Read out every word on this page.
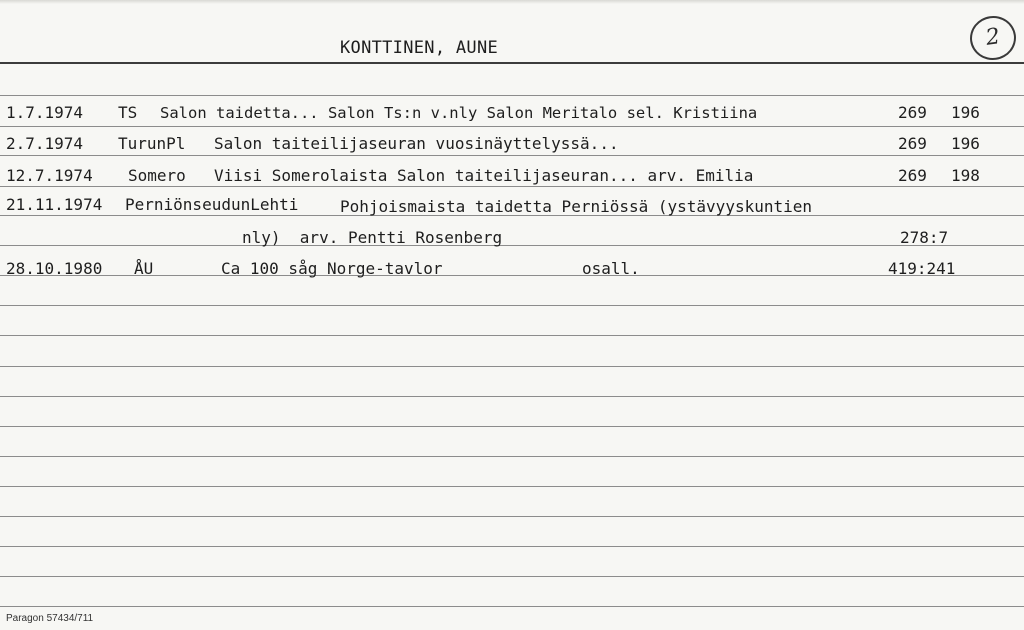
KONTTINEN, AUNE	2
1.7.1974 TS Salon taidetta... Salon Ts:n v.nly Salon Meritalo sel. Kristiina	269 196
2.7.1974 TurunPl Salon taiteilijaseuran vuosinäyttelyssä...	269 196
12.7.1974 Somero Viisi Somerolaista Salon taiteilijaseuran... arv. Emilia	269 198
21.11.1974 PerniönseudunLehti	Pohjoismaista taidetta Perniössä (ystävyyskuntien
nly)  arv. Pentti Rosenberg	278:7
28.10.1980 ÅU	Ca 100 såg Norge-tavlor	osall.	419:241
Paragon 57434/711
